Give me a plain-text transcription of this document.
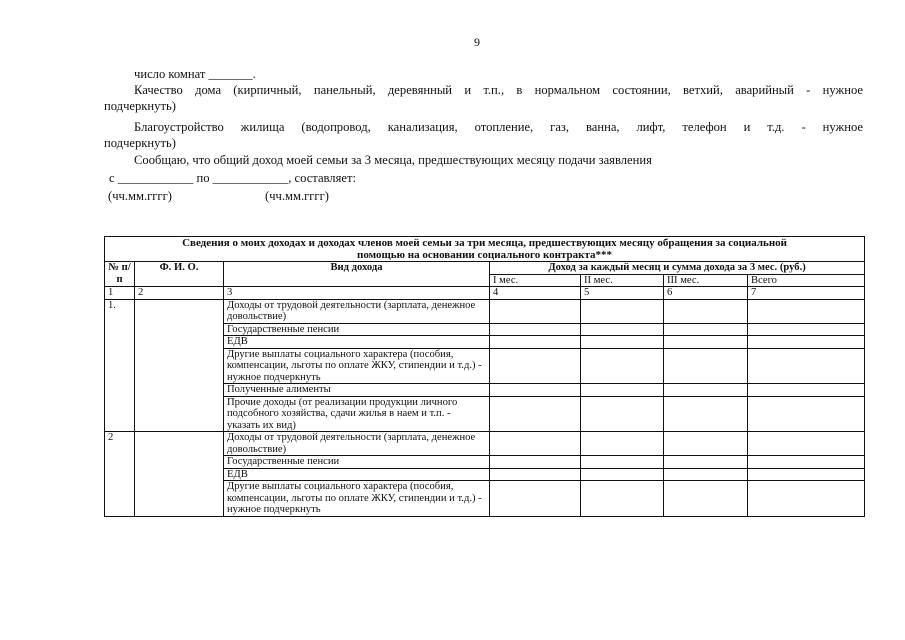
9
число комнат _______.
Качество дома (кирпичный, панельный, деревянный и т.п., в нормальном состоянии, ветхий, аварийный - нужное
подчеркнуть)
Благоустройство жилища (водопровод, канализация, отопление, газ, ванна, лифт, телефон и т.д. - нужное
подчеркнуть)
Сообщаю, что общий доход моей семьи за 3 месяца, предшествующих месяцу подачи заявления
с ____________ по ____________, составляет:
(чч.мм.гггг)	(чч.мм.гггг)
Сведения о моих доходах и доходах членов моей семьи за три месяца, предшествующих месяцу обращения за социальной
помощью на основании социального контракта***						

№ п/п	Ф. И. О.	Вид дохода	Доход за каждый месяц и сумма дохода за 3 мес. (руб.)			
			I мес.	II мес.	III мес.	Всего
1	2	3	4	5	6	7
1.		Доходы от трудовой деятельности (зарплата, денежное довольствие)				
		Государственные пенсии				
		ЕДВ				
		Другие выплаты социального характера (пособия, компенсации, льготы по оплате ЖКУ, стипендии и т.д.) - нужное подчеркнуть				
		Полученные алименты				
		Прочие доходы (от реализации продукции личного подсобного хозяйства, сдачи жилья в наем и т.п. - указать их вид)				
2		Доходы от трудовой деятельности (зарплата, денежное довольствие)				
		Государственные пенсии				
		ЕДВ				
		Другие выплаты социального характера (пособия, компенсации, льготы по оплате ЖКУ, стипендии и т.д.) - нужное подчеркнуть				
